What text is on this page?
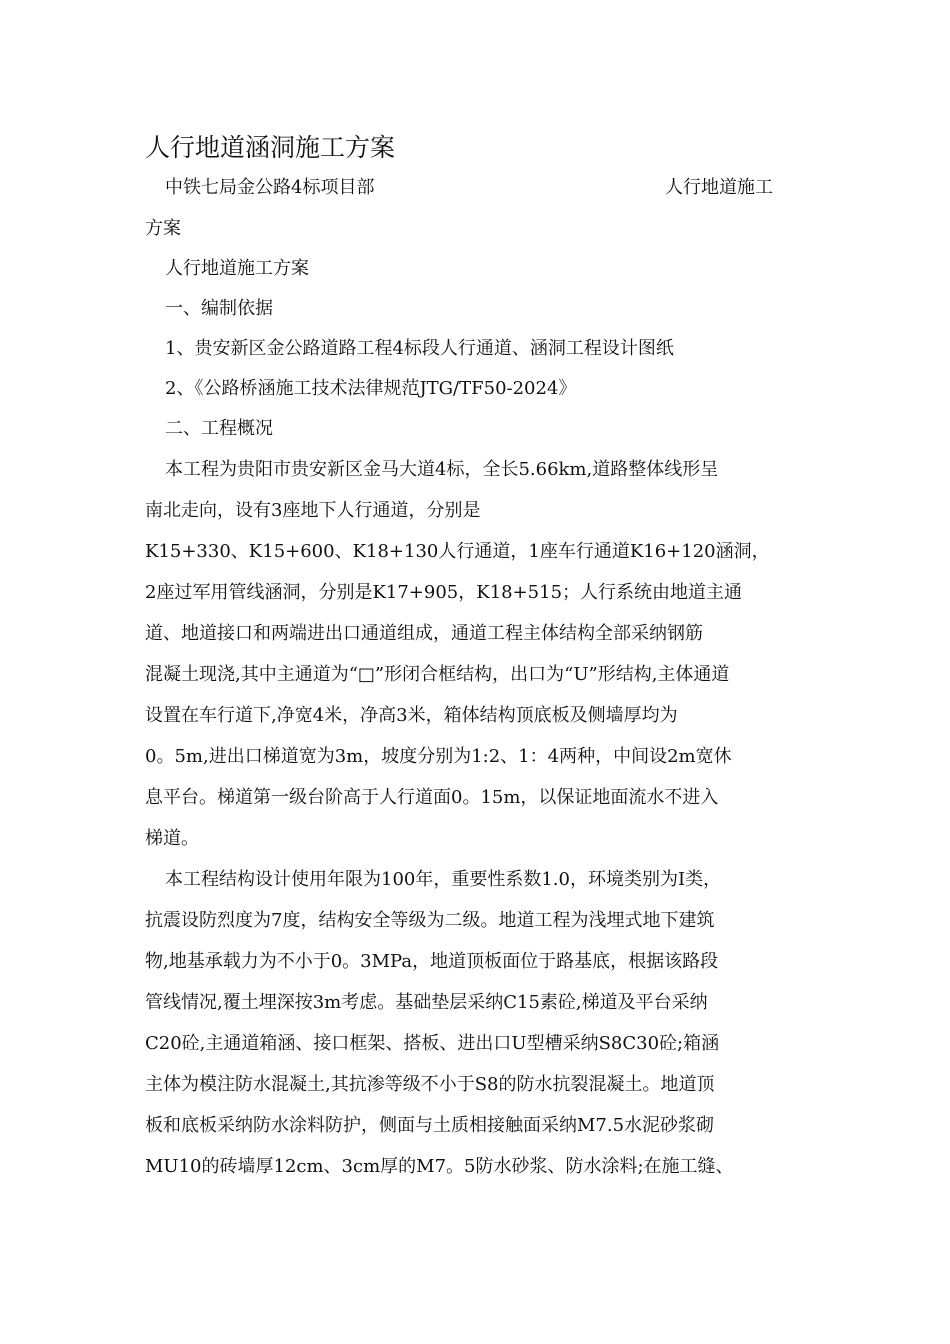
人行地道涵洞施工方案
中铁七局金公路4标项目部	人行地道施工
方案
人行地道施工方案
一、编制依据
1、贵安新区金公路道路工程4标段人行通道、涵洞工程设计图纸
2、《公路桥涵施工技术法律规范JTG/TF50-2024》
二、工程概况
本工程为贵阳市贵安新区金马大道4标，全长5.66km,道路整体线形呈
南北走向，设有3座地下人行通道，分别是
K15+330、K15+600、K18+130人行通道，1座车行通道K16+120涵洞，
2座过军用管线涵洞，分别是K17+905，K18+515；人行系统由地道主通
道、地道接口和两端进出口通道组成，通道工程主体结构全部采纳钢筋
混凝土现浇,其中主通道为“□”形闭合框结构，出口为“U”形结构,主体通道
设置在车行道下,净宽4米，净高3米，箱体结构顶底板及侧墙厚均为
0。5m,进出口梯道宽为3m，坡度分别为1:2、1：4两种，中间设2m宽休
息平台。梯道第一级台阶高于人行道面0。15m，以保证地面流水不进入
梯道。
本工程结构设计使用年限为100年，重要性系数1.0，环境类别为Ⅰ类，
抗震设防烈度为7度，结构安全等级为二级。地道工程为浅埋式地下建筑
物,地基承载力为不小于0。3MPa，地道顶板面位于路基底，根据该路段
管线情况,覆土埋深按3m考虑。基础垫层采纳C15素砼,梯道及平台采纳
C20砼,主通道箱涵、接口框架、搭板、进出口U型槽采纳S8C30砼;箱涵
主体为模注防水混凝土,其抗渗等级不小于S8的防水抗裂混凝土。地道顶
板和底板采纳防水涂料防护，侧面与土质相接触面采纳M7.5水泥砂浆砌
MU10的砖墙厚12cm、3cm厚的M7。5防水砂浆、防水涂料;在施工缝、
